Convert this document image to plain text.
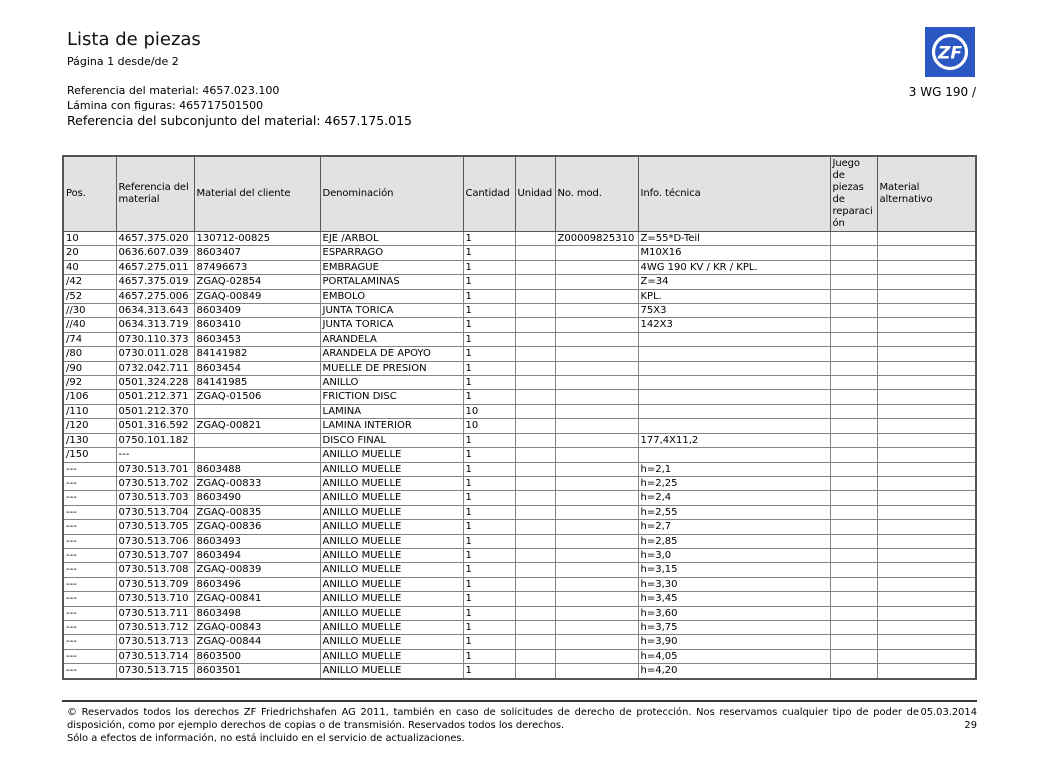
Lista de piezas
Página 1 desde/de 2
Referencia del material: 4657.023.100
Lámina con figuras: 465717501500
Referencia del subconjunto del material: 4657.175.015
ZF
3 WG 190 /
Pos.	Referencia del material	Material del cliente	Denominación	Cantidad	Unidad	No. mod.	Info. técnica	Juego de piezas de reparación	Material alternativo
10	4657.375.020	130712-00825	EJE /ARBOL	1		Z00009825310	Z=55*D-Teil		
20	0636.607.039	8603407	ESPARRAGO	1			M10X16		
40	4657.275.011	87496673	EMBRAGUE	1			4WG 190 KV / KR / KPL.		
/42	4657.375.019	ZGAQ-02854	PORTALAMINAS	1			Z=34		
/52	4657.275.006	ZGAQ-00849	EMBOLO	1			KPL.		
//30	0634.313.643	8603409	JUNTA TORICA	1			75X3		
//40	0634.313.719	8603410	JUNTA TORICA	1			142X3		
/74	0730.110.373	8603453	ARANDELA	1					
/80	0730.011.028	84141982	ARANDELA DE APOYO	1					
/90	0732.042.711	8603454	MUELLE DE PRESION	1					
/92	0501.324.228	84141985	ANILLO	1					
/106	0501.212.371	ZGAQ-01506	FRICTION DISC	1					
/110	0501.212.370		LAMINA	10					
/120	0501.316.592	ZGAQ-00821	LAMINA INTERIOR	10					
/130	0750.101.182		DISCO FINAL	1			177,4X11,2		
/150	---		ANILLO MUELLE	1					
---	0730.513.701	8603488	ANILLO MUELLE	1			h=2,1		
---	0730.513.702	ZGAQ-00833	ANILLO MUELLE	1			h=2,25		
---	0730.513.703	8603490	ANILLO MUELLE	1			h=2,4		
---	0730.513.704	ZGAQ-00835	ANILLO MUELLE	1			h=2,55		
---	0730.513.705	ZGAQ-00836	ANILLO MUELLE	1			h=2,7		
---	0730.513.706	8603493	ANILLO MUELLE	1			h=2,85		
---	0730.513.707	8603494	ANILLO MUELLE	1			h=3,0		
---	0730.513.708	ZGAQ-00839	ANILLO MUELLE	1			h=3,15		
---	0730.513.709	8603496	ANILLO MUELLE	1			h=3,30		
---	0730.513.710	ZGAQ-00841	ANILLO MUELLE	1			h=3,45		
---	0730.513.711	8603498	ANILLO MUELLE	1			h=3,60		
---	0730.513.712	ZGAQ-00843	ANILLO MUELLE	1			h=3,75		
---	0730.513.713	ZGAQ-00844	ANILLO MUELLE	1			h=3,90		
---	0730.513.714	8603500	ANILLO MUELLE	1			h=4,05		
---	0730.513.715	8603501	ANILLO MUELLE	1			h=4,20		
© Reservados todos los derechos ZF Friedrichshafen AG 2011, también en caso de solicitudes de derecho de protección. Nos reservamos cualquier tipo de poder de disposición, como por ejemplo derechos de copias o de transmisión. Reservados todos los derechos.
Sólo a efectos de información, no está incluido en el servicio de actualizaciones.
05.03.2014
29
